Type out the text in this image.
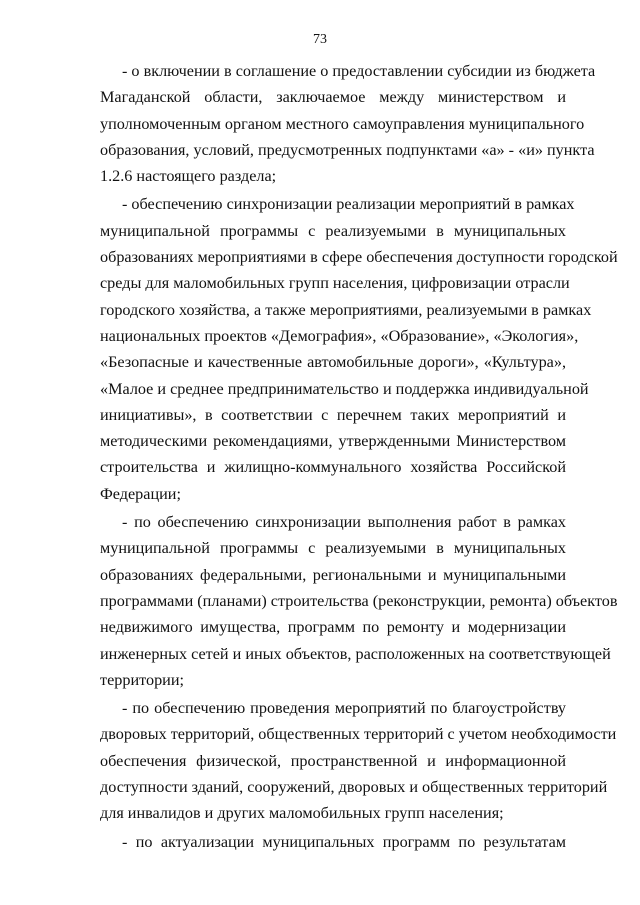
73
- о включении в соглашение о предоставлении субсидии из бюджета
Магаданской области, заключаемое между министерством и
уполномоченным органом местного самоуправления муниципального
образования, условий, предусмотренных подпунктами «а» - «и» пункта
1.2.6 настоящего раздела;
- обеспечению синхронизации реализации мероприятий в рамках
муниципальной программы с реализуемыми в муниципальных
образованиях мероприятиями в сфере обеспечения доступности городской
среды для маломобильных групп населения, цифровизации отрасли
городского хозяйства, а также мероприятиями, реализуемыми в рамках
национальных проектов «Демография», «Образование», «Экология»,
«Безопасные и качественные автомобильные дороги», «Культура»,
«Малое и среднее предпринимательство и поддержка индивидуальной
инициативы», в соответствии с перечнем таких мероприятий и
методическими рекомендациями, утвержденными Министерством
строительства и жилищно-коммунального хозяйства Российской
Федерации;
- по обеспечению синхронизации выполнения работ в рамках
муниципальной программы с реализуемыми в муниципальных
образованиях федеральными, региональными и муниципальными
программами (планами) строительства (реконструкции, ремонта) объектов
недвижимого имущества, программ по ремонту и модернизации
инженерных сетей и иных объектов, расположенных на соответствующей
территории;
- по обеспечению проведения мероприятий по благоустройству
дворовых территорий, общественных территорий с учетом необходимости
обеспечения физической, пространственной и информационной
доступности зданий, сооружений, дворовых и общественных территорий
для инвалидов и других маломобильных групп населения;
- по актуализации муниципальных программ по результатам
